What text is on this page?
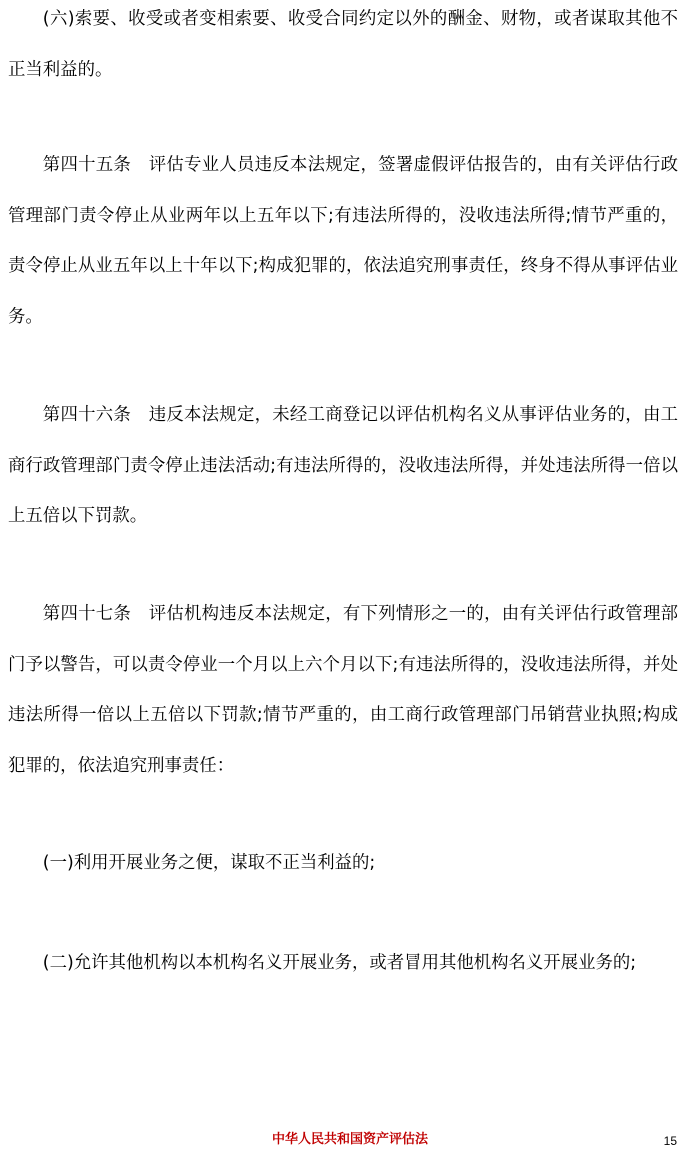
(六)索要、收受或者变相索要、收受合同约定以外的酬金、财物，或者谋取其他不正当利益的。

第四十五条　评估专业人员违反本法规定，签署虚假评估报告的，由有关评估行政管理部门责令停止从业两年以上五年以下;有违法所得的，没收违法所得;情节严重的，责令停止从业五年以上十年以下;构成犯罪的，依法追究刑事责任，终身不得从事评估业务。

第四十六条　违反本法规定，未经工商登记以评估机构名义从事评估业务的，由工商行政管理部门责令停止违法活动;有违法所得的，没收违法所得，并处违法所得一倍以上五倍以下罚款。

第四十七条　评估机构违反本法规定，有下列情形之一的，由有关评估行政管理部门予以警告，可以责令停业一个月以上六个月以下;有违法所得的，没收违法所得，并处违法所得一倍以上五倍以下罚款;情节严重的，由工商行政管理部门吊销营业执照;构成犯罪的，依法追究刑事责任：

(一)利用开展业务之便，谋取不正当利益的;

(二)允许其他机构以本机构名义开展业务，或者冒用其他机构名义开展业务的;

中华人民共和国资产评估法	15
